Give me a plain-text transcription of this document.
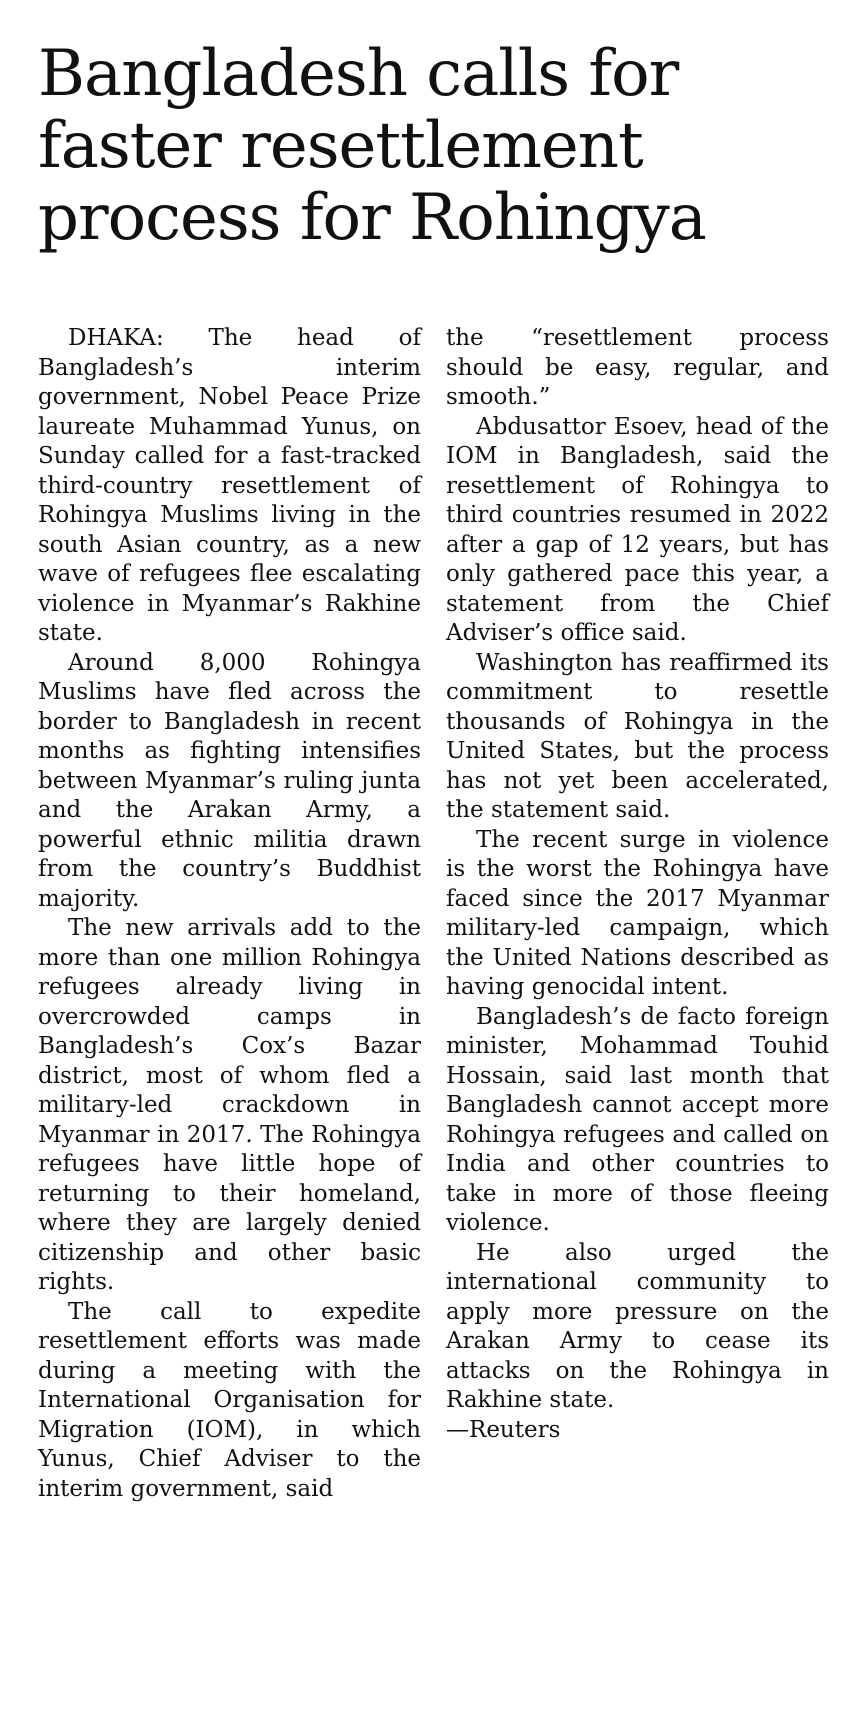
Bangladesh calls for
faster resettlement
process for Rohingya

DHAKA: The head of Bangladesh’s interim government, Nobel Peace Prize laureate Muhammad Yunus, on Sunday called for a fast-tracked third-country resettlement of Rohingya Muslims living in the south Asian country, as a new wave of refugees flee escalating violence in Myanmar’s Rakhine state.

Around 8,000 Rohingya Muslims have fled across the border to Bangladesh in recent months as fighting intensifies between Myanmar’s ruling junta and the Arakan Army, a powerful ethnic militia drawn from the country’s Buddhist majority.

The new arrivals add to the more than one million Rohingya refugees already living in overcrowded camps in Bangladesh’s Cox’s Bazar district, most of whom fled a military-led crackdown in Myanmar in 2017. The Rohingya refugees have little hope of returning to their homeland, where they are largely denied citizenship and other basic rights.

The call to expedite resettlement efforts was made during a meeting with the International Organisation for Migration (IOM), in which Yunus, Chief Adviser to the interim government, said

the “resettlement process should be easy, regular, and smooth.”

Abdusattor Esoev, head of the IOM in Bangladesh, said the resettlement of Rohingya to third countries resumed in 2022 after a gap of 12 years, but has only gathered pace this year, a statement from the Chief Adviser’s office said.

Washington has reaffirmed its commitment to resettle thousands of Rohingya in the United States, but the process has not yet been accelerated, the statement said.

The recent surge in violence is the worst the Rohingya have faced since the 2017 Myanmar military-led campaign, which the United Nations described as having genocidal intent.

Bangladesh’s de facto foreign minister, Mohammad Touhid Hossain, said last month that Bangladesh cannot accept more Rohingya refugees and called on India and other countries to take in more of those fleeing violence.

He also urged the international community to apply more pressure on the Arakan Army to cease its attacks on the Rohingya in Rakhine state.

—Reuters
